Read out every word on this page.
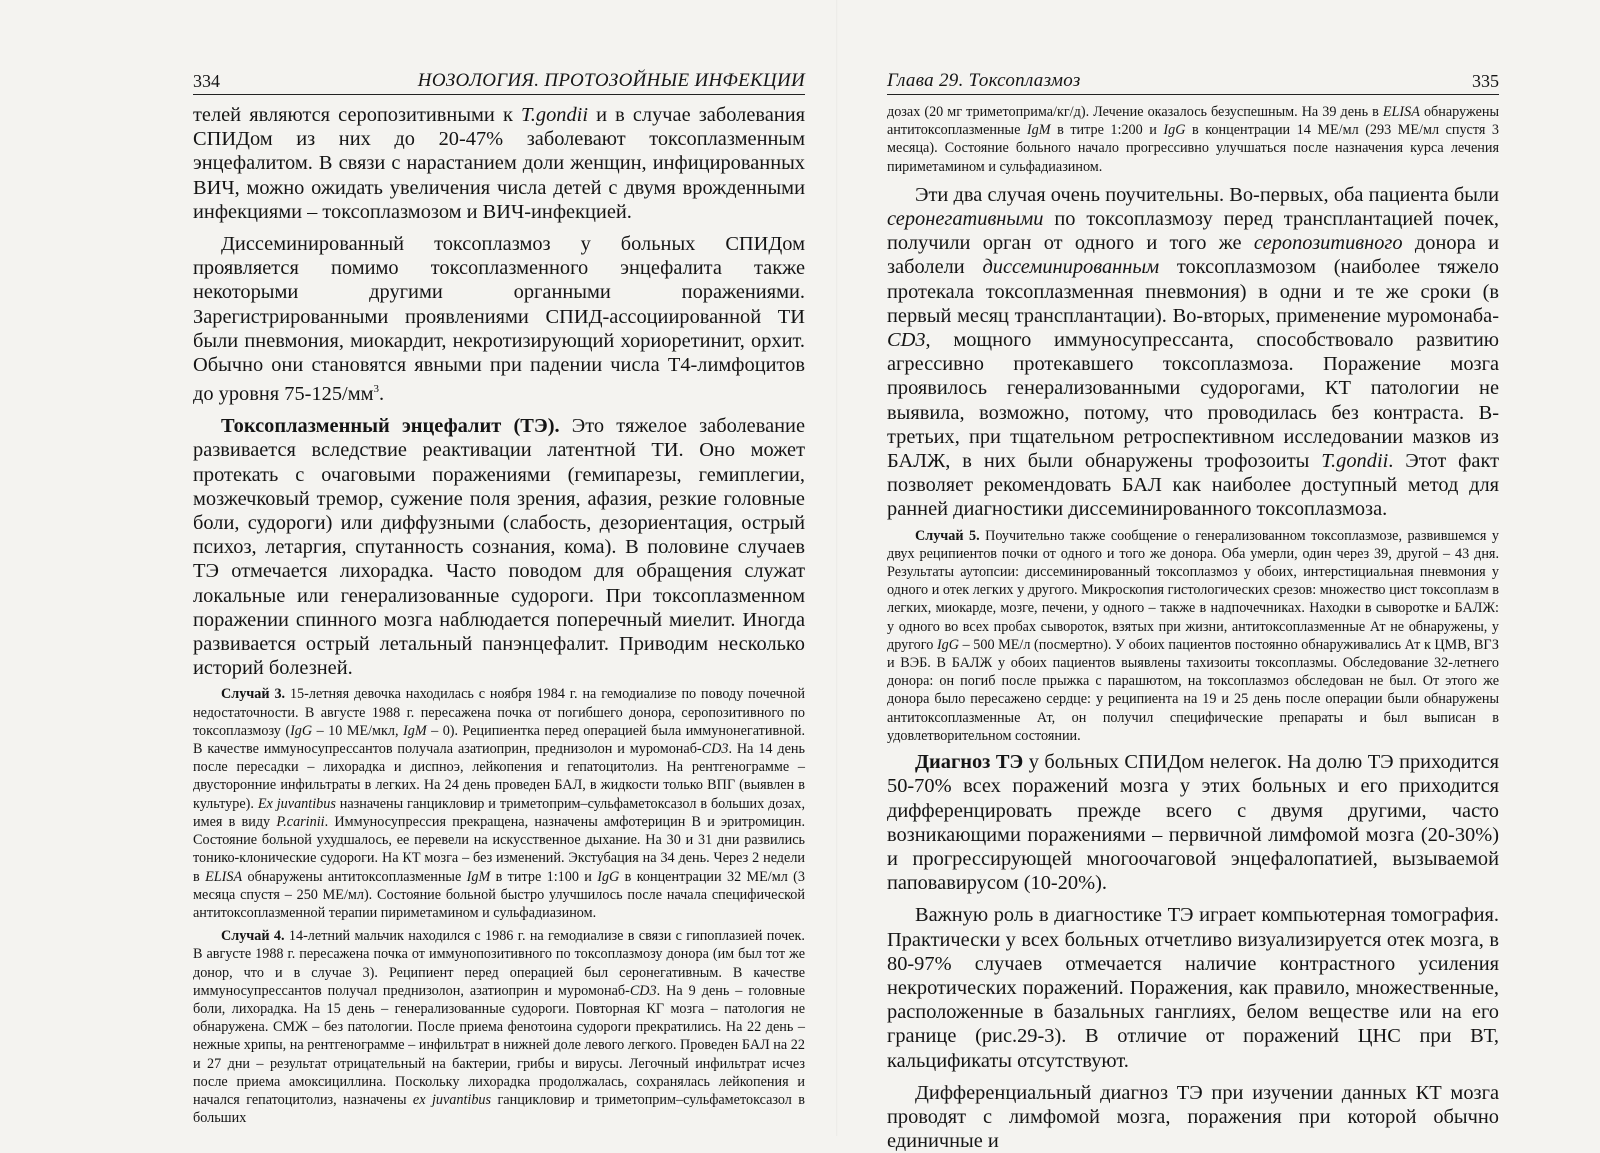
334	НОЗОЛОГИЯ. ПРОТОЗОЙНЫЕ ИНФЕКЦИИ

телей являются серопозитивными к T.gondii и в случае заболевания СПИДом из них до 20-47% заболевают токсоплазменным энцефалитом. В связи с нарастанием доли женщин, инфицированных ВИЧ, можно ожидать увеличения числа детей с двумя врожденными инфекциями – токсоплазмозом и ВИЧ-инфекцией.

Диссеминированный токсоплазмоз у больных СПИДом проявляется помимо токсоплазменного энцефалита также некоторыми другими органными поражениями. Зарегистрированными проявлениями СПИД-ассоциированной ТИ были пневмония, миокардит, некротизирующий хориоретинит, орхит. Обычно они становятся явными при падении числа Т4-лимфоцитов до уровня $75-125/мм^3$.

Токсоплазменный энцефалит (ТЭ). Это тяжелое заболевание развивается вследствие реактивации латентной ТИ. Оно может протекать с очаговыми поражениями (гемипарезы, гемиплегии, мозжечковый тремор, сужение поля зрения, афазия, резкие головные боли, судороги) или диффузными (слабость, дезориентация, острый психоз, летаргия, спутанность сознания, кома). В половине случаев ТЭ отмечается лихорадка. Часто поводом для обращения служат локальные или генерализованные судороги. При токсоплазменном поражении спинного мозга наблюдается поперечный миелит. Иногда развивается острый летальный панэнцефалит. Приводим несколько историй болезней.

Случай 3. 15-летняя девочка находилась с ноября 1984 г. на гемодиализе по поводу почечной недостаточности. В августе 1988 г. пересажена почка от погибшего донора, серопозитивного по токсоплазмозу (IgG – 10 МЕ/мкл, IgM – 0). Реципиентка перед операцией была иммунонегативной. В качестве иммуносупрессантов получала азатиоприн, преднизолон и муромонаб-CD3. На 14 день после пересадки – лихорадка и диспноэ, лейкопения и гепатоцитолиз. На рентгенограмме – двусторонние инфильтраты в легких. На 24 день проведен БАЛ, в жидкости только ВПГ (выявлен в культуре). Ex juvantibus назначены ганцикловир и триметоприм–сульфаметоксазол в больших дозах, имея в виду P.carinii. Иммуносупрессия прекращена, назначены амфотерицин В и эритромицин. Состояние больной ухудшалось, ее перевели на искусственное дыхание. На 30 и 31 дни развились тонико-клонические судороги. На КТ мозга – без изменений. Экстубация на 34 день. Через 2 недели в ELISA обнаружены антитоксоплазменные IgM в титре 1:100 и IgG в концентрации 32 МЕ/мл (3 месяца спустя – 250 МЕ/мл). Состояние больной быстро улучшилось после начала специфической антитоксоплазменной терапии пириметамином и сульфадиазином.

Случай 4. 14-летний мальчик находился с 1986 г. на гемодиализе в связи с гипоплазией почек. В августе 1988 г. пересажена почка от иммунопозитивного по токсоплазмозу донора (им был тот же донор, что и в случае 3). Реципиент перед операцией был серонегативным. В качестве иммуносупрессантов получал преднизолон, азатиоприн и муромонаб-CD3. На 9 день – головные боли, лихорадка. На 15 день – генерализованные судороги. Повторная КГ мозга – патология не обнаружена. СМЖ – без патологии. После приема фенотоина судороги прекратились. На 22 день – нежные хрипы, на рентгенограмме – инфильтрат в нижней доле левого легкого. Проведен БАЛ на 22 и 27 дни – результат отрицательный на бактерии, грибы и вирусы. Легочный инфильтрат исчез после приема амоксициллина. Поскольку лихорадка продолжалась, сохранялась лейкопения и начался гепатоцитолиз, назначены ex juvantibus ганцикловир и триметоприм–сульфаметоксазол в больших

Глава 29. Токсоплазмоз	335

дозах (20 мг триметоприма/кг/д). Лечение оказалось безуспешным. На 39 день в ELISA обнаружены антитоксоплазменные IgM в титре 1:200 и IgG в концентрации 14 МЕ/мл (293 МЕ/мл спустя 3 месяца). Состояние больного начало прогрессивно улучшаться после назначения курса лечения пириметамином и сульфадиазином.

Эти два случая очень поучительны. Во-первых, оба пациента были серонегативными по токсоплазмозу перед трансплантацией почек, получили орган от одного и того же серопозитивного донора и заболели диссеминированным токсоплазмозом (наиболее тяжело протекала токсоплазменная пневмония) в одни и те же сроки (в первый месяц трансплантации). Во-вторых, применение муромонаба-CD3, мощного иммуносупрессанта, способствовало развитию агрессивно протекавшего токсоплазмоза. Поражение мозга проявилось генерализованными судорогами, КТ патологии не выявила, возможно, потому, что проводилась без контраста. В-третьих, при тщательном ретроспективном исследовании мазков из БАЛЖ, в них были обнаружены трофозоиты T.gondii. Этот факт позволяет рекомендовать БАЛ как наиболее доступный метод для ранней диагностики диссеминированного токсоплазмоза.

Случай 5. Поучительно также сообщение о генерализованном токсоплазмозе, развившемся у двух реципиентов почки от одного и того же донора. Оба умерли, один через 39, другой – 43 дня. Результаты аутопсии: диссеминированный токсоплазмоз у обоих, интерстициальная пневмония у одного и отек легких у другого. Микроскопия гистологических срезов: множество цист токсоплазм в легких, миокарде, мозге, печени, у одного – также в надпочечниках. Находки в сыворотке и БАЛЖ: у одного во всех пробах сывороток, взятых при жизни, антитоксоплазменные Ат не обнаружены, у другого IgG – 500 МЕ/л (посмертно). У обоих пациентов постоянно обнаруживались Ат к ЦМВ, ВГЗ и ВЭБ. В БАЛЖ у обоих пациентов выявлены тахизоиты токсоплазмы. Обследование 32-летнего донора: он погиб после прыжка с парашютом, на токсоплазмоз обследован не был. От этого же донора было пересажено сердце: у реципиента на 19 и 25 день после операции были обнаружены антитоксоплазменные Ат, он получил специфические препараты и был выписан в удовлетворительном состоянии.

Диагноз ТЭ у больных СПИДом нелегок. На долю ТЭ приходится 50-70% всех поражений мозга у этих больных и его приходится дифференцировать прежде всего с двумя другими, часто возникающими поражениями – первичной лимфомой мозга (20-30%) и прогрессирующей многоочаговой энцефалопатией, вызываемой паповавирусом (10-20%).

Важную роль в диагностике ТЭ играет компьютерная томография. Практически у всех больных отчетливо визуализируется отек мозга, в 80-97% случаев отмечается наличие контрастного усиления некротических поражений. Поражения, как правило, множественные, расположенные в базальных ганглиях, белом веществе или на его границе (рис.29-3). В отличие от поражений ЦНС при ВТ, кальцификаты отсутствуют.

Дифференциальный диагноз ТЭ при изучении данных КТ мозга проводят с лимфомой мозга, поражения при которой обычно единичные и
